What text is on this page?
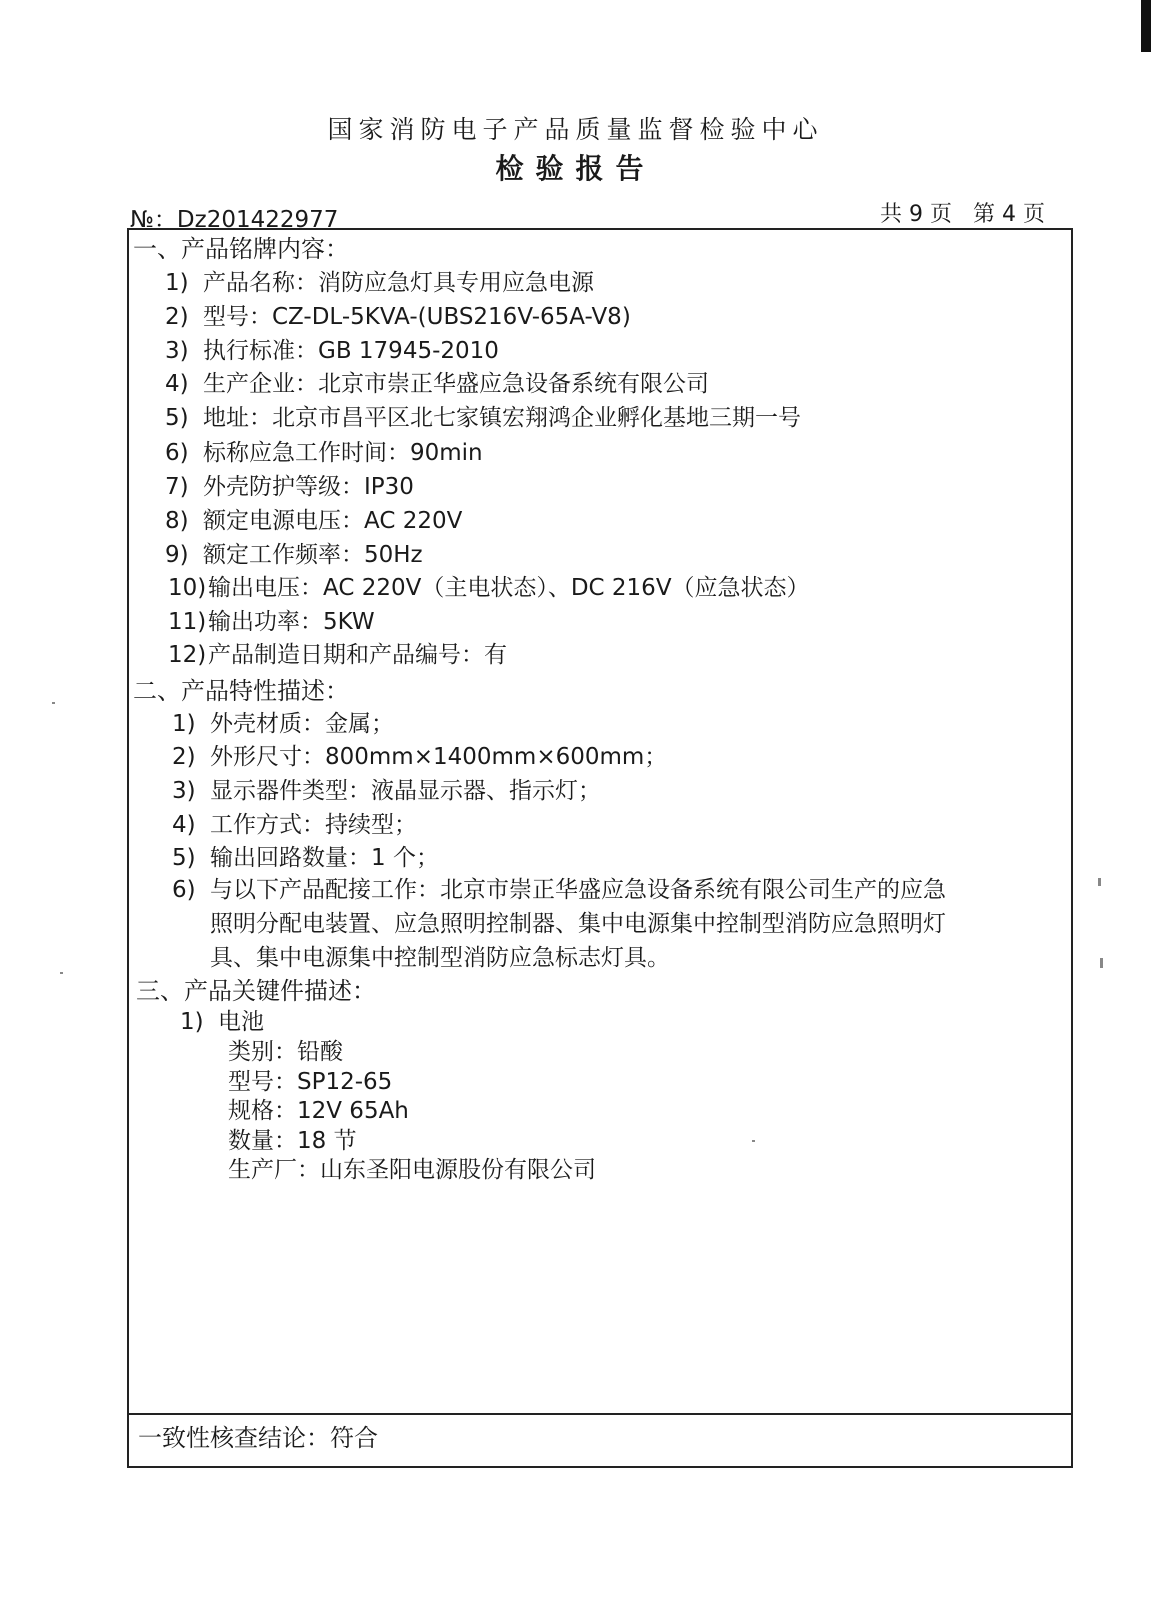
国家消防电子产品质量监督检验中心
检验报告
№：Dz201422977	共 9 页   第 4 页
一、产品铭牌内容：
1) 产品名称：消防应急灯具专用应急电源
2) 型号：CZ-DL-5KVA-(UBS216V-65A-V8)
3) 执行标准：GB 17945-2010
4) 生产企业：北京市崇正华盛应急设备系统有限公司
5) 地址：北京市昌平区北七家镇宏翔鸿企业孵化基地三期一号
6) 标称应急工作时间：90min
7) 外壳防护等级：IP30
8) 额定电源电压：AC 220V
9) 额定工作频率：50Hz
10)输出电压：AC 220V（主电状态）、DC 216V（应急状态）
11)输出功率：5KW
12)产品制造日期和产品编号：有
二、产品特性描述：
1) 外壳材质：金属；
2) 外形尺寸：800mm×1400mm×600mm；
3) 显示器件类型：液晶显示器、指示灯；
4) 工作方式：持续型；
5) 输出回路数量：1 个；
6) 与以下产品配接工作：北京市崇正华盛应急设备系统有限公司生产的应急
照明分配电装置、应急照明控制器、集中电源集中控制型消防应急照明灯
具、集中电源集中控制型消防应急标志灯具。
三、产品关键件描述：
1) 电池
类别：铅酸
型号：SP12-65
规格：12V 65Ah
数量：18 节
生产厂：山东圣阳电源股份有限公司
一致性核查结论：符合
